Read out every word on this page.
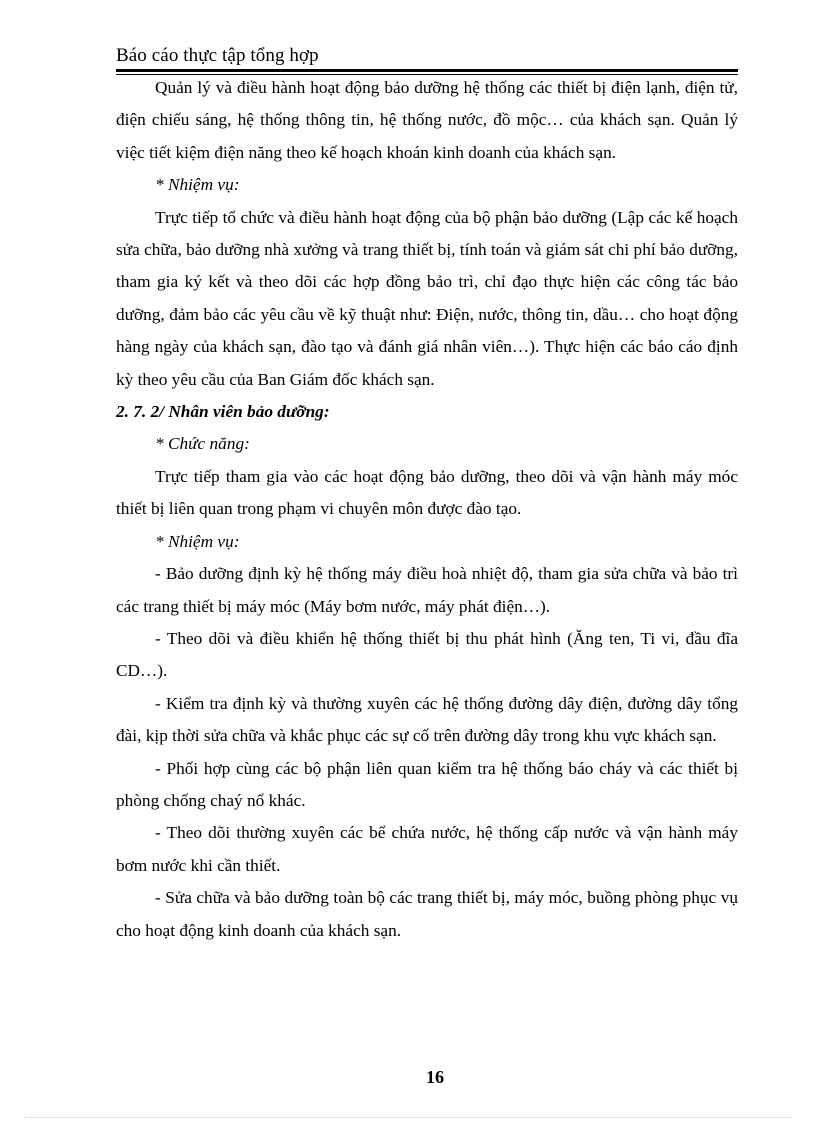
Báo cáo thực tập tổng hợp

Quản lý và điều hành hoạt động bảo dưỡng hệ thống các thiết bị điện lạnh, điện tử, điện chiếu sáng, hệ thống thông tin, hệ thống nước, đồ mộc… của khách sạn. Quản lý việc tiết kiệm điện năng theo kế hoạch khoán kinh doanh của khách sạn.

* Nhiệm vụ:

Trực tiếp tổ chức và điều hành hoạt động của bộ phận bảo dưỡng (Lập các kế hoạch sửa chữa, bảo dưỡng nhà xưởng và trang thiết bị, tính toán và giám sát chi phí bảo dưỡng, tham gia ký kết và theo dõi các hợp đồng bảo trì, chỉ đạo thực hiện các công tác bảo dưỡng, đảm bảo các yêu cầu về kỹ thuật như: Điện, nước, thông tin, dầu… cho hoạt động hàng ngày của khách sạn, đào tạo và đánh giá nhân viên…). Thực hiện các báo cáo định kỳ theo yêu cầu của Ban Giám đốc khách sạn.

2. 7. 2/ Nhân viên bảo dưỡng:

* Chức năng:

Trực tiếp tham gia vào các hoạt động bảo dưỡng, theo dõi và vận hành máy móc thiết bị liên quan trong phạm vi chuyên môn được đào tạo.

* Nhiệm vụ:

- Bảo dưỡng định kỳ hệ thống máy điều hoà nhiệt độ, tham gia sửa chữa và bảo trì các trang thiết bị máy móc (Máy bơm nước, máy phát điện…).

- Theo dõi và điều khiển hệ thống thiết bị thu phát hình (Ăng ten, Ti vi, đầu đĩa CD…).

- Kiểm tra định kỳ và thường xuyên các hệ thống đường dây điện, đường dây tổng đài, kịp thời sửa chữa và khắc phục các sự cố trên đường dây trong khu vực khách sạn.

- Phối hợp cùng các bộ phận liên quan kiểm tra hệ thống báo cháy và các thiết bị phòng chống chaý nổ khác.

- Theo dõi thường xuyên các bể chứa nước, hệ thống cấp nước và vận hành máy bơm nước khi cần thiết.

- Sửa chữa và bảo dưỡng toàn bộ các trang thiết bị, máy móc, buồng phòng phục vụ cho hoạt động kinh doanh của khách sạn.

16
